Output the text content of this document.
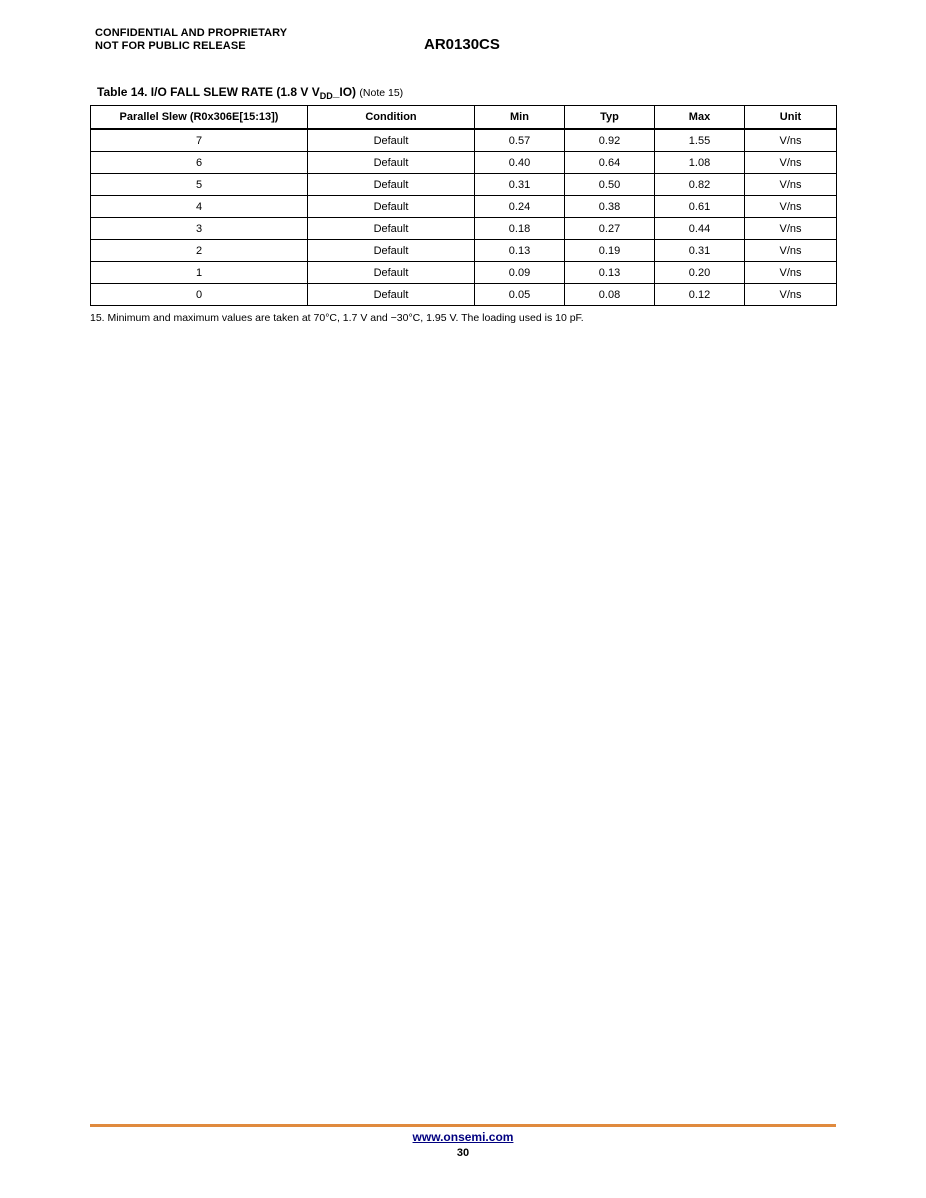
CONFIDENTIAL AND PROPRIETARY
NOT FOR PUBLIC RELEASE	AR0130CS
Table 14. I/O FALL SLEW RATE (1.8 V $V_{DD}\_IO$) (Note 15)
Parallel Slew (R0x306E[15:13])	Condition	Min	Typ	Max	Unit
7	Default	0.57	0.92	1.55	V/ns
6	Default	0.40	0.64	1.08	V/ns
5	Default	0.31	0.50	0.82	V/ns
4	Default	0.24	0.38	0.61	V/ns
3	Default	0.18	0.27	0.44	V/ns
2	Default	0.13	0.19	0.31	V/ns
1	Default	0.09	0.13	0.20	V/ns
0	Default	0.05	0.08	0.12	V/ns
15. Minimum and maximum values are taken at 70°C, 1.7 V and −30°C, 1.95 V. The loading used is 10 pF.
www.onsemi.com
30
